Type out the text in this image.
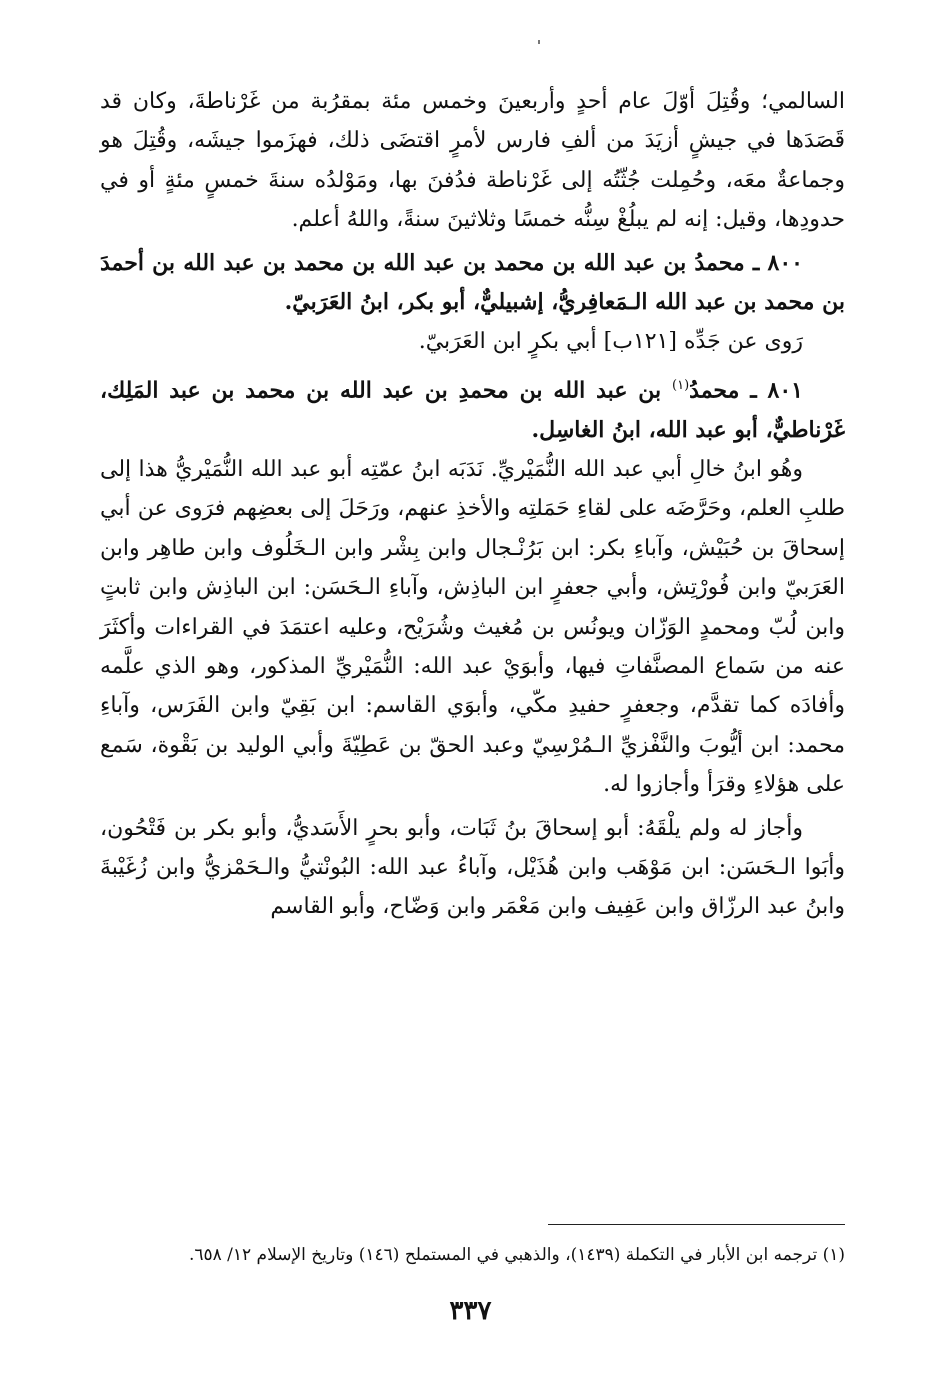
السالمي؛ وقُتِلَ أوّلَ عام أحدٍ وأربعينَ وخمس مئة بمقرُبة من غَرْناطةَ، وكان قد قَصَدَها في جيشٍ أزيَدَ من ألفِ فارس لأمرٍ اقتضَى ذلك، فهزَموا جيشَه، وقُتِلَ هو وجماعةٌ معَه، وحُمِلت جُثّتُه إلى غَرْناطة فدُفنَ بها، ومَوْلدُه سنةَ خمسٍ مئةٍ أو في حدودِها، وقيل: إنه لم يبلُغْ سِنُّه خمسًا وثلاثينَ سنةً، واللهُ أعلم.

٨٠٠ ـ محمدُ بن عبد الله بن محمد بن عبد الله بن محمد بن عبد الله بن أحمدَ بن محمد بن عبد الله الـمَعافِريُّ، إشبيليٌّ، أبو بكر، ابنُ العَرَبيّ.

رَوى عن جَدِّه [١٢١ب] أبي بكرٍ ابن العَرَبيّ.

٨٠١ ـ محمدُ$^{(١)}$ بن عبد الله بن محمدِ بن عبد الله بن محمد بن عبد المَلِك، غَرْناطيٌّ، أبو عبد الله، ابنُ الغاسِل.

وهُو ابنُ خالِ أبي عبد الله النُّمَيْريِّ. نَدَبَه ابنُ عمّتِه أبو عبد الله النُّمَيْريُّ هذا إلى طلبِ العلم، وحَرَّضَه على لقاءِ حَمَلتِه والأخذِ عنهم، ورَحَلَ إلى بعضِهم فرَوى عن أبي إسحاقَ بن حُبَيْش، وآباءِ بكر: ابن بَرُنْـجال وابن بِشْر وابن الـخَلُوف وابن طاهِر وابن العَرَبيّ وابن فُورْتِش، وأبي جعفرٍ ابن الباذِش، وآباءِ الـحَسَن: ابن الباذِش وابن ثابتٍ وابن لُبّ ومحمدٍ الوَزّان ويونُس بن مُغيث وشُرَيْح، وعليه اعتمَدَ في القراءات وأكثَرَ عنه من سَماع المصنَّفاتِ فيها، وأبوَيْ عبد الله: النُّمَيْريِّ المذكور، وهو الذي علَّمه وأفادَه كما تقدَّم، وجعفرٍ حفيدِ مكّي، وأبوَي القاسم: ابن بَقِيّ وابن الفَرَس، وآباءِ محمد: ابن أيُّوبَ والنَّفْزيِّ الـمُرْسِيّ وعبد الحقّ بن عَطِيّةَ وأبي الوليد بن بَقْوة، سَمع على هؤلاءِ وقرَأ وأجازوا له.

وأجاز له ولم يلْقَهُ: أبو إسحاقَ بنُ ثَبَات، وأبو بحرٍ الأَسَديُّ، وأبو بكر بن فَتْحُون، وأبَوا الـحَسَن: ابن مَوْهَب وابن هُذَيْل، وآباءُ عبد الله: البُونْتيُّ والـحَمْزيُّ وابن زُغَيْبةَ وابنُ عبد الرزّاق وابن عَفِيف وابن مَعْمَر وابن وَضّاح، وأبو القاسم

(١) ترجمه ابن الأبار في التكملة (١٤٣٩)، والذهبي في المستملح (١٤٦) وتاريخ الإسلام ١٢/ ٦٥٨.
٣٣٧
